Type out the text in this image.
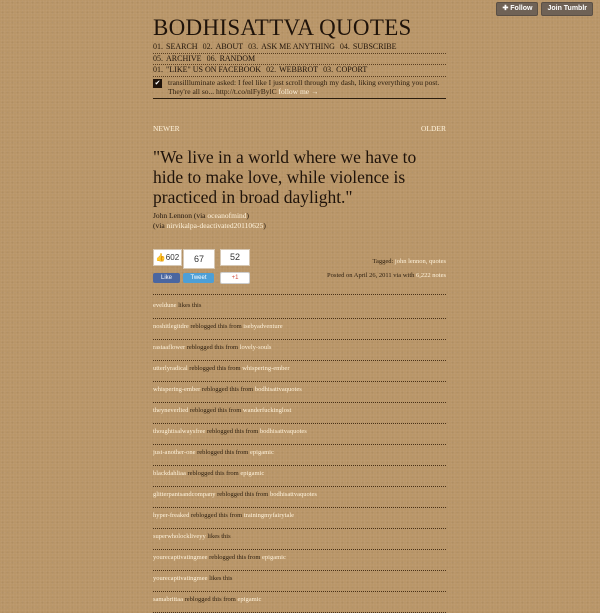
✚ Follow	Join Tumblr
BODHISATTVA QUOTES
01. SEARCH 02. ABOUT 03. ASK ME ANYTHING 04. SUBSCRIBE
05. ARCHIVE 06. RANDOM
01. "LIKE" US ON FACEBOOK 02. WEBBROT 03. COPORT
✔ transillluminate asked: I feel like I just scroll through my dash, liking everything you post. They're all so... http://t.co/nlFyBylC follow me →
NEWER	OLDER
"We live in a world where we have to hide to make love, while violence is practiced in broad daylight."
John Lennon (via oceanofmind)
(via nirvikalpa-deactivated20110625)
👍602	67	52
Like	Tweet	+1
Tagged: john lennon, quotes
Posted on April 26, 2011 via with 6,222 notes
eveldune likes this
noshitlegitdre reblogged this from isebyadventure
rastaaflower reblogged this from lovely-souls
utterlyradical reblogged this from whispering-ember
whispering-ember reblogged this from bodhisattvaquotes
theyneverlied reblogged this from wanderfuckinglost
thoughtisalwaysfree reblogged this from bodhisattvaquotes
just-another-one reblogged this from epigamic
blackdahliaa reblogged this from epigamic
glitterpantsandcompany reblogged this from bodhisattvaquotes
hyper-freaked reblogged this from trainingmyfairytale
superwholockliveyy likes this
yourecaptivatingmee reblogged this from epigamic
yourecaptivatingmee likes this
samabrittaa reblogged this from epigamic
